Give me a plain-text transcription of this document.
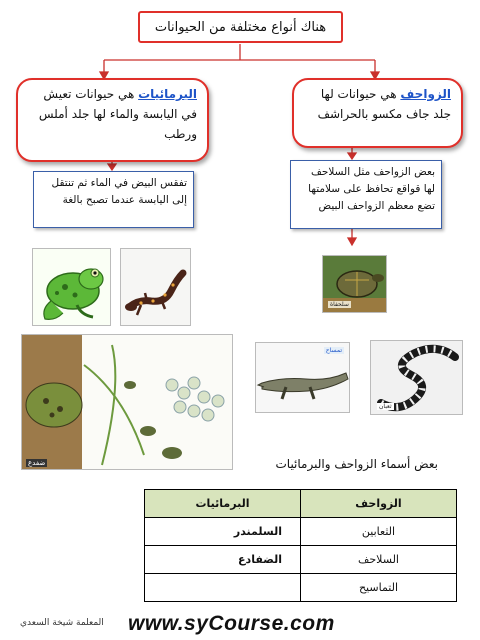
هناك أنواع مختلفة من الحيوانات
الزواحف هي حيوانات لها جلد جاف مكسو بالحراشف
البرمائيات هي حيوانات تعيش في اليابسة والماء لها جلد أملس ورطب
بعض الزواحف مثل السلاحف لها قواقع تحافظ على سلامتها تضع معظم الزواحف البيض
تفقس البيض في الماء ثم تنتقل إلى اليابسة عندما تصبح بالغة
ضفدع
سلحفاة
تمساح
ثعبان
بعض أسماء الزواحف والبرمائيات
الزواحف	البرمائيات
الثعابين	السلمندر
السلاحف	الضفادع
التماسيح	
www.syCourse.com
المعلمة شيخة السعدي
